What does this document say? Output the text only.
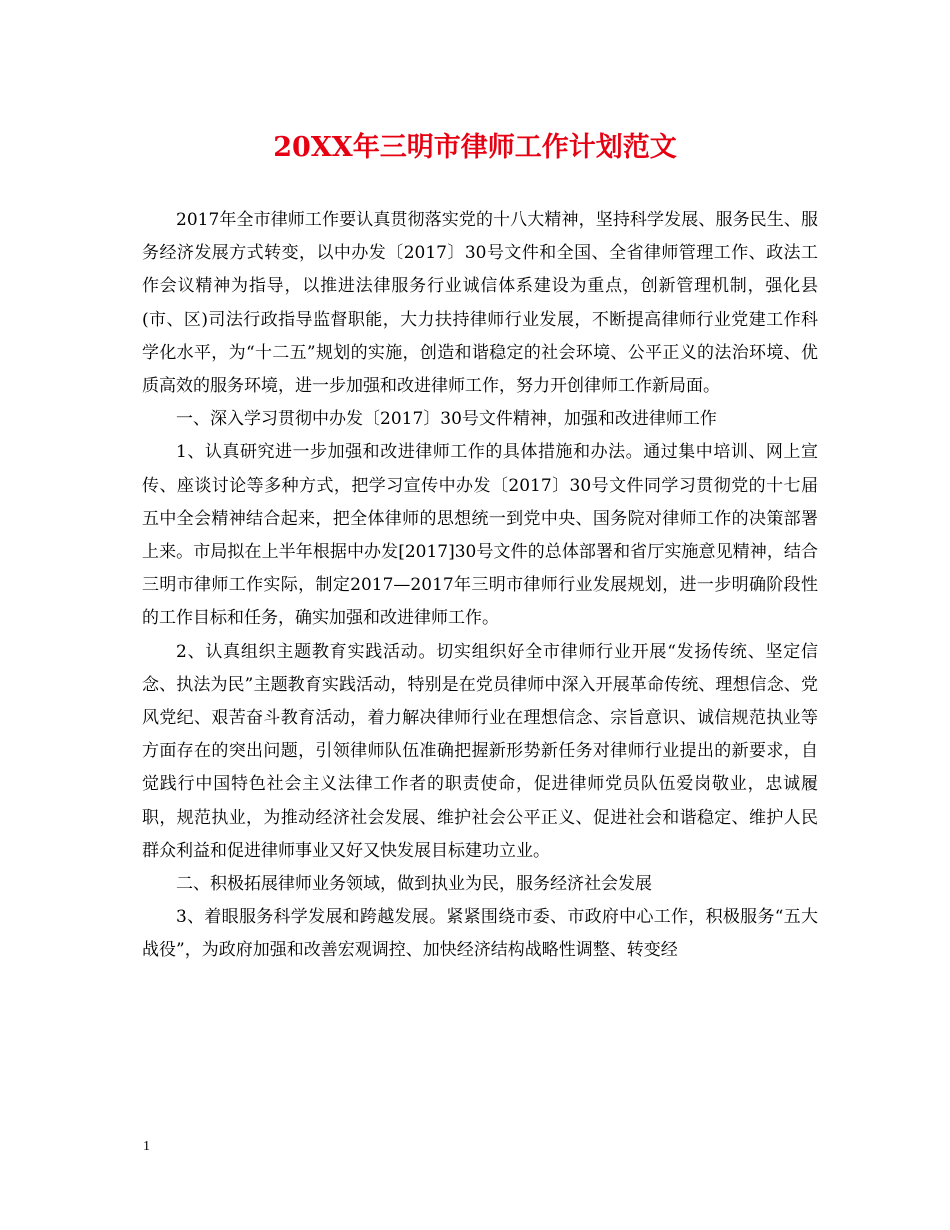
20XX年三明市律师工作计划范文

2017年全市律师工作要认真贯彻落实党的十八大精神，坚持科学发展、服务民生、服务经济发展方式转变，以中办发〔2017〕30号文件和全国、全省律师管理工作、政法工作会议精神为指导，以推进法律服务行业诚信体系建设为重点，创新管理机制，强化县(市、区)司法行政指导监督职能，大力扶持律师行业发展，不断提高律师行业党建工作科学化水平，为“十二五”规划的实施，创造和谐稳定的社会环境、公平正义的法治环境、优质高效的服务环境，进一步加强和改进律师工作，努力开创律师工作新局面。

一、深入学习贯彻中办发〔2017〕30号文件精神，加强和改进律师工作

1、认真研究进一步加强和改进律师工作的具体措施和办法。通过集中培训、网上宣传、座谈讨论等多种方式，把学习宣传中办发〔2017〕30号文件同学习贯彻党的十七届五中全会精神结合起来，把全体律师的思想统一到党中央、国务院对律师工作的决策部署上来。市局拟在上半年根据中办发[2017]30号文件的总体部署和省厅实施意见精神，结合三明市律师工作实际，制定2017—2017年三明市律师行业发展规划，进一步明确阶段性的工作目标和任务，确实加强和改进律师工作。

2、认真组织主题教育实践活动。切实组织好全市律师行业开展“发扬传统、坚定信念、执法为民”主题教育实践活动，特别是在党员律师中深入开展革命传统、理想信念、党风党纪、艰苦奋斗教育活动，着力解决律师行业在理想信念、宗旨意识、诚信规范执业等方面存在的突出问题，引领律师队伍准确把握新形势新任务对律师行业提出的新要求，自觉践行中国特色社会主义法律工作者的职责使命，促进律师党员队伍爱岗敬业，忠诚履职，规范执业，为推动经济社会发展、维护社会公平正义、促进社会和谐稳定、维护人民群众利益和促进律师事业又好又快发展目标建功立业。

二、积极拓展律师业务领域，做到执业为民，服务经济社会发展

3、着眼服务科学发展和跨越发展。紧紧围绕市委、市政府中心工作，积极服务“五大战役”，为政府加强和改善宏观调控、加快经济结构战略性调整、转变经

1
